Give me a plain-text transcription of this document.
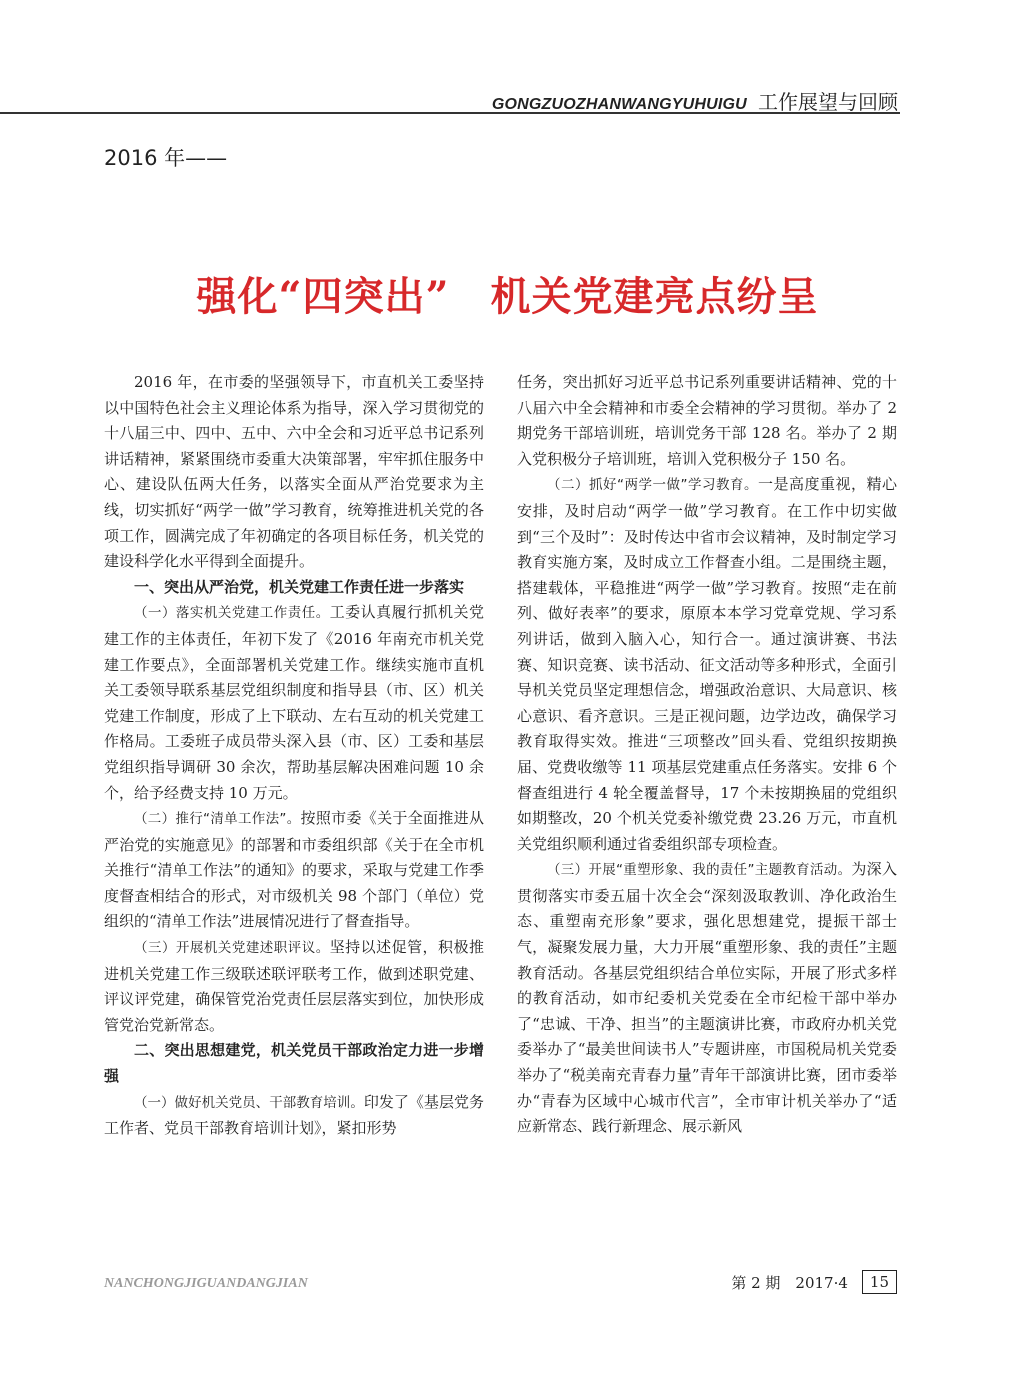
GONGZUOZHANWANGYUHUIGU 工作展望与回顾
2016 年——
强化“四突出”　机关党建亮点纷呈

2016 年，在市委的坚强领导下，市直机关工委坚持以中国特色社会主义理论体系为指导，深入学习贯彻党的十八届三中、四中、五中、六中全会和习近平总书记系列讲话精神，紧紧围绕市委重大决策部署，牢牢抓住服务中心、建设队伍两大任务，以落实全面从严治党要求为主线，切实抓好“两学一做”学习教育，统筹推进机关党的各项工作，圆满完成了年初确定的各项目标任务，机关党的建设科学化水平得到全面提升。

一、突出从严治党，机关党建工作责任进一步落实

（一）落实机关党建工作责任。工委认真履行抓机关党建工作的主体责任，年初下发了《2016 年南充市机关党建工作要点》，全面部署机关党建工作。继续实施市直机关工委领导联系基层党组织制度和指导县（市、区）机关党建工作制度，形成了上下联动、左右互动的机关党建工作格局。工委班子成员带头深入县（市、区）工委和基层党组织指导调研 30 余次，帮助基层解决困难问题 10 余个，给予经费支持 10 万元。

（二）推行“清单工作法”。按照市委《关于全面推进从严治党的实施意见》的部署和市委组织部《关于在全市机关推行“清单工作法”的通知》的要求，采取与党建工作季度督查相结合的形式，对市级机关 98 个部门（单位）党组织的“清单工作法”进展情况进行了督查指导。

（三）开展机关党建述职评议。坚持以述促管，积极推进机关党建工作三级联述联评联考工作，做到述职党建、评议评党建，确保管党治党责任层层落实到位，加快形成管党治党新常态。

二、突出思想建党，机关党员干部政治定力进一步增强

（一）做好机关党员、干部教育培训。印发了《基层党务工作者、党员干部教育培训计划》，紧扣形势

任务，突出抓好习近平总书记系列重要讲话精神、党的十八届六中全会精神和市委全会精神的学习贯彻。举办了 2 期党务干部培训班，培训党务干部 128 名。举办了 2 期入党积极分子培训班，培训入党积极分子 150 名。

（二）抓好“两学一做”学习教育。一是高度重视，精心安排，及时启动“两学一做”学习教育。在工作中切实做到“三个及时”：及时传达中省市会议精神，及时制定学习教育实施方案，及时成立工作督查小组。二是围绕主题，搭建载体，平稳推进“两学一做”学习教育。按照“走在前列、做好表率”的要求，原原本本学习党章党规、学习系列讲话，做到入脑入心，知行合一。通过演讲赛、书法赛、知识竞赛、读书活动、征文活动等多种形式，全面引导机关党员坚定理想信念，增强政治意识、大局意识、核心意识、看齐意识。三是正视问题，边学边改，确保学习教育取得实效。推进“三项整改”回头看、党组织按期换届、党费收缴等 11 项基层党建重点任务落实。安排 6 个督查组进行 4 轮全覆盖督导，17 个未按期换届的党组织如期整改，20 个机关党委补缴党费 23.26 万元，市直机关党组织顺利通过省委组织部专项检查。

（三）开展“重塑形象、我的责任”主题教育活动。为深入贯彻落实市委五届十次全会“深刻汲取教训、净化政治生态、重塑南充形象”要求，强化思想建党，提振干部士气，凝聚发展力量，大力开展“重塑形象、我的责任”主题教育活动。各基层党组织结合单位实际，开展了形式多样的教育活动，如市纪委机关党委在全市纪检干部中举办了“忠诚、干净、担当”的主题演讲比赛，市政府办机关党委举办了“最美世间读书人”专题讲座，市国税局机关党委举办了“税美南充青春力量”青年干部演讲比赛，团市委举办“青春为区域中心城市代言”，全市审计机关举办了“适应新常态、践行新理念、展示新风

NANCHONGJIGUANDANGJIAN	第 2 期　2017·4	15
